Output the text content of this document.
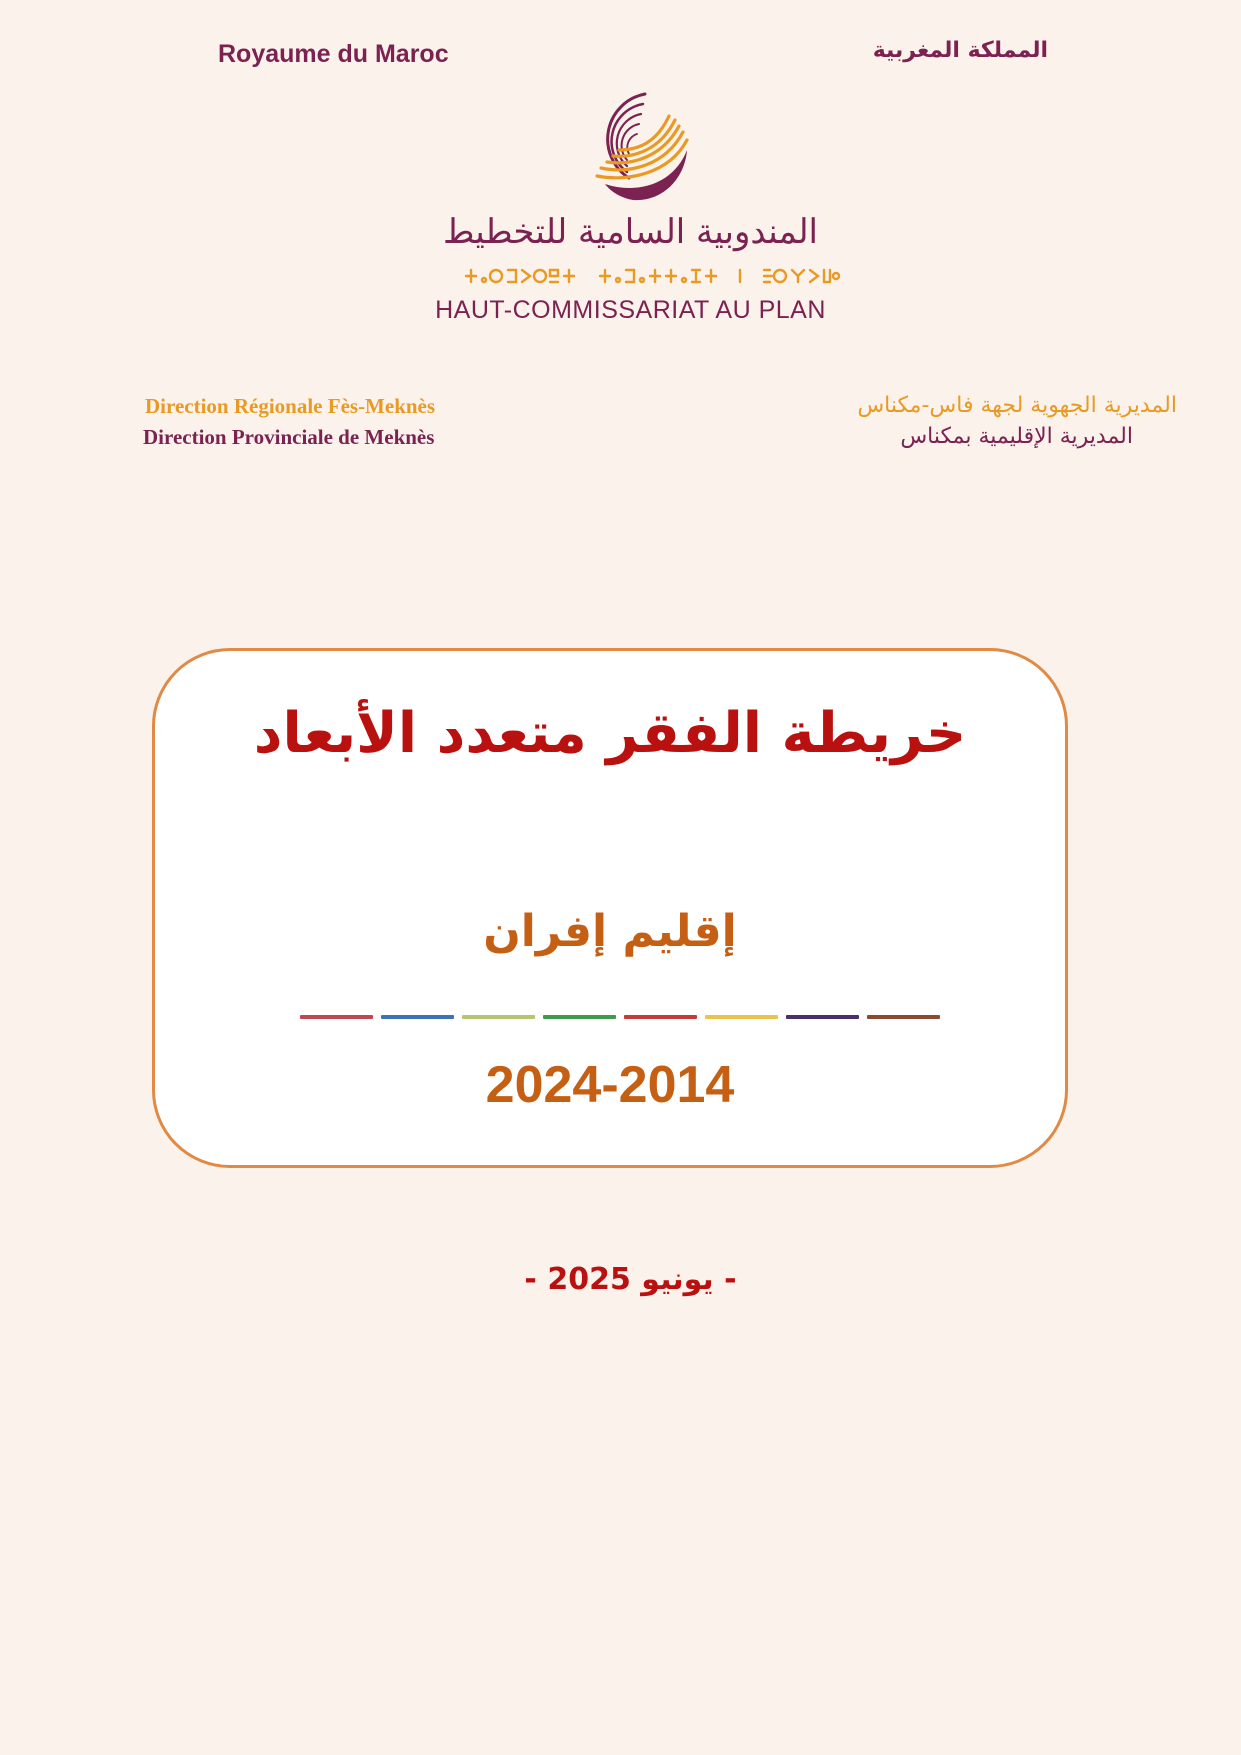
Royaume du Maroc	المملكة المغربية
المندوبية السامية للتخطيط
HAUT-COMMISSARIAT AU PLAN
Direction Régionale Fès-Meknès
Direction Provinciale de Meknès
المديرية الجهوية لجهة فاس-مكناس
المديرية الإقليمية بمكناس
خريطة الفقر متعدد الأبعاد
إقليم إفران
2024-2014
- يونيو 2025 -
